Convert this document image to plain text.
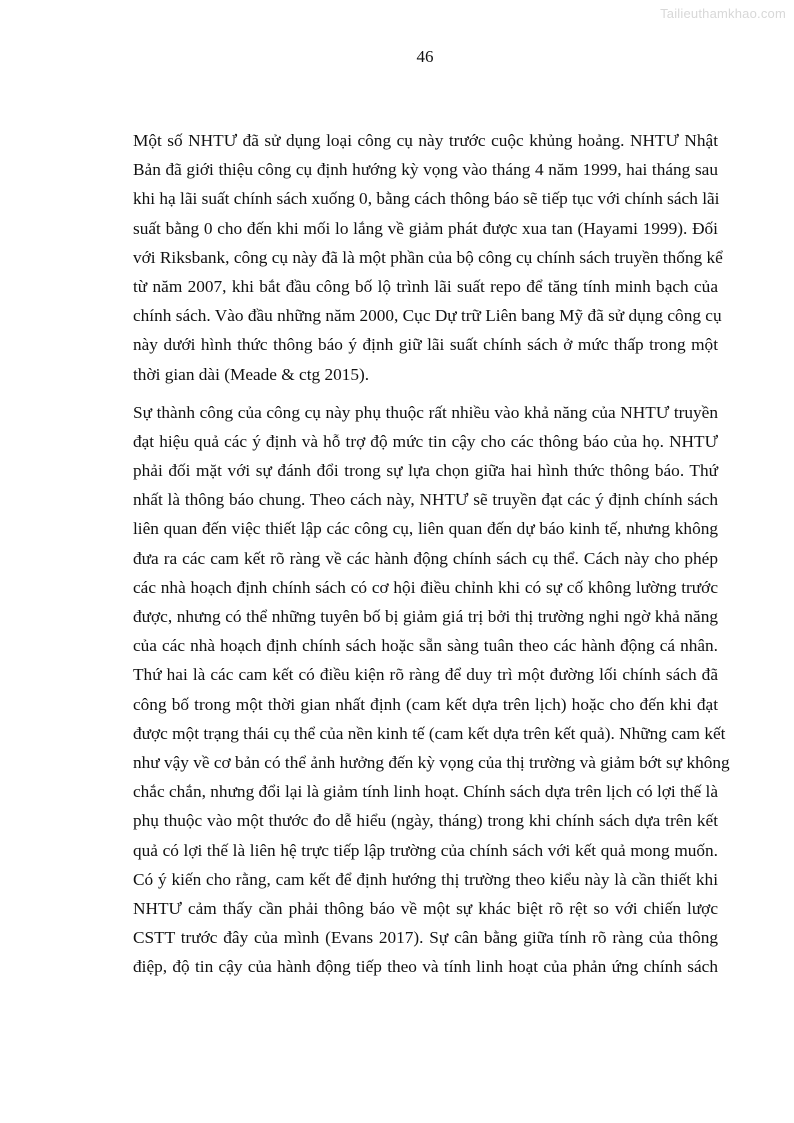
Tailieuthamkhao.com
46
Một số NHTƯ đã sử dụng loại công cụ này trước cuộc khủng hoảng. NHTƯ Nhật
Bản đã giới thiệu công cụ định hướng kỳ vọng vào tháng 4 năm 1999, hai tháng sau
khi hạ lãi suất chính sách xuống 0, bằng cách thông báo sẽ tiếp tục với chính sách lãi
suất bằng 0 cho đến khi mối lo lắng về giảm phát được xua tan (Hayami 1999). Đối
với Riksbank, công cụ này đã là một phần của bộ công cụ chính sách truyền thống kể
từ năm 2007, khi bắt đầu công bố lộ trình lãi suất repo để tăng tính minh bạch của
chính sách. Vào đầu những năm 2000, Cục Dự trữ Liên bang Mỹ đã sử dụng công cụ
này dưới hình thức thông báo ý định giữ lãi suất chính sách ở mức thấp trong một
thời gian dài (Meade & ctg 2015).
Sự thành công của công cụ này phụ thuộc rất nhiều vào khả năng của NHTƯ truyền
đạt hiệu quả các ý định và hỗ trợ độ mức tin cậy cho các thông báo của họ. NHTƯ
phải đối mặt với sự đánh đổi trong sự lựa chọn giữa hai hình thức thông báo. Thứ
nhất là thông báo chung. Theo cách này, NHTƯ sẽ truyền đạt các ý định chính sách
liên quan đến việc thiết lập các công cụ, liên quan đến dự báo kinh tế, nhưng không
đưa ra các cam kết rõ ràng về các hành động chính sách cụ thể. Cách này cho phép
các nhà hoạch định chính sách có cơ hội điều chỉnh khi có sự cố không lường trước
được, nhưng có thể những tuyên bố bị giảm giá trị bởi thị trường nghi ngờ khả năng
của các nhà hoạch định chính sách hoặc sẵn sàng tuân theo các hành động cá nhân.
Thứ hai là các cam kết có điều kiện rõ ràng để duy trì một đường lối chính sách đã
công bố trong một thời gian nhất định (cam kết dựa trên lịch) hoặc cho đến khi đạt
được một trạng thái cụ thể của nền kinh tế (cam kết dựa trên kết quả). Những cam kết
như vậy về cơ bản có thể ảnh hưởng đến kỳ vọng của thị trường và giảm bớt sự không
chắc chắn, nhưng đổi lại là giảm tính linh hoạt. Chính sách dựa trên lịch có lợi thế là
phụ thuộc vào một thước đo dễ hiểu (ngày, tháng) trong khi chính sách dựa trên kết
quả có lợi thế là liên hệ trực tiếp lập trường của chính sách với kết quả mong muốn.
Có ý kiến cho rằng, cam kết để định hướng thị trường theo kiểu này là cần thiết khi
NHTƯ cảm thấy cần phải thông báo về một sự khác biệt rõ rệt so với chiến lược
CSTT trước đây của mình (Evans 2017). Sự cân bằng giữa tính rõ ràng của thông
điệp, độ tin cậy của hành động tiếp theo và tính linh hoạt của phản ứng chính sách
